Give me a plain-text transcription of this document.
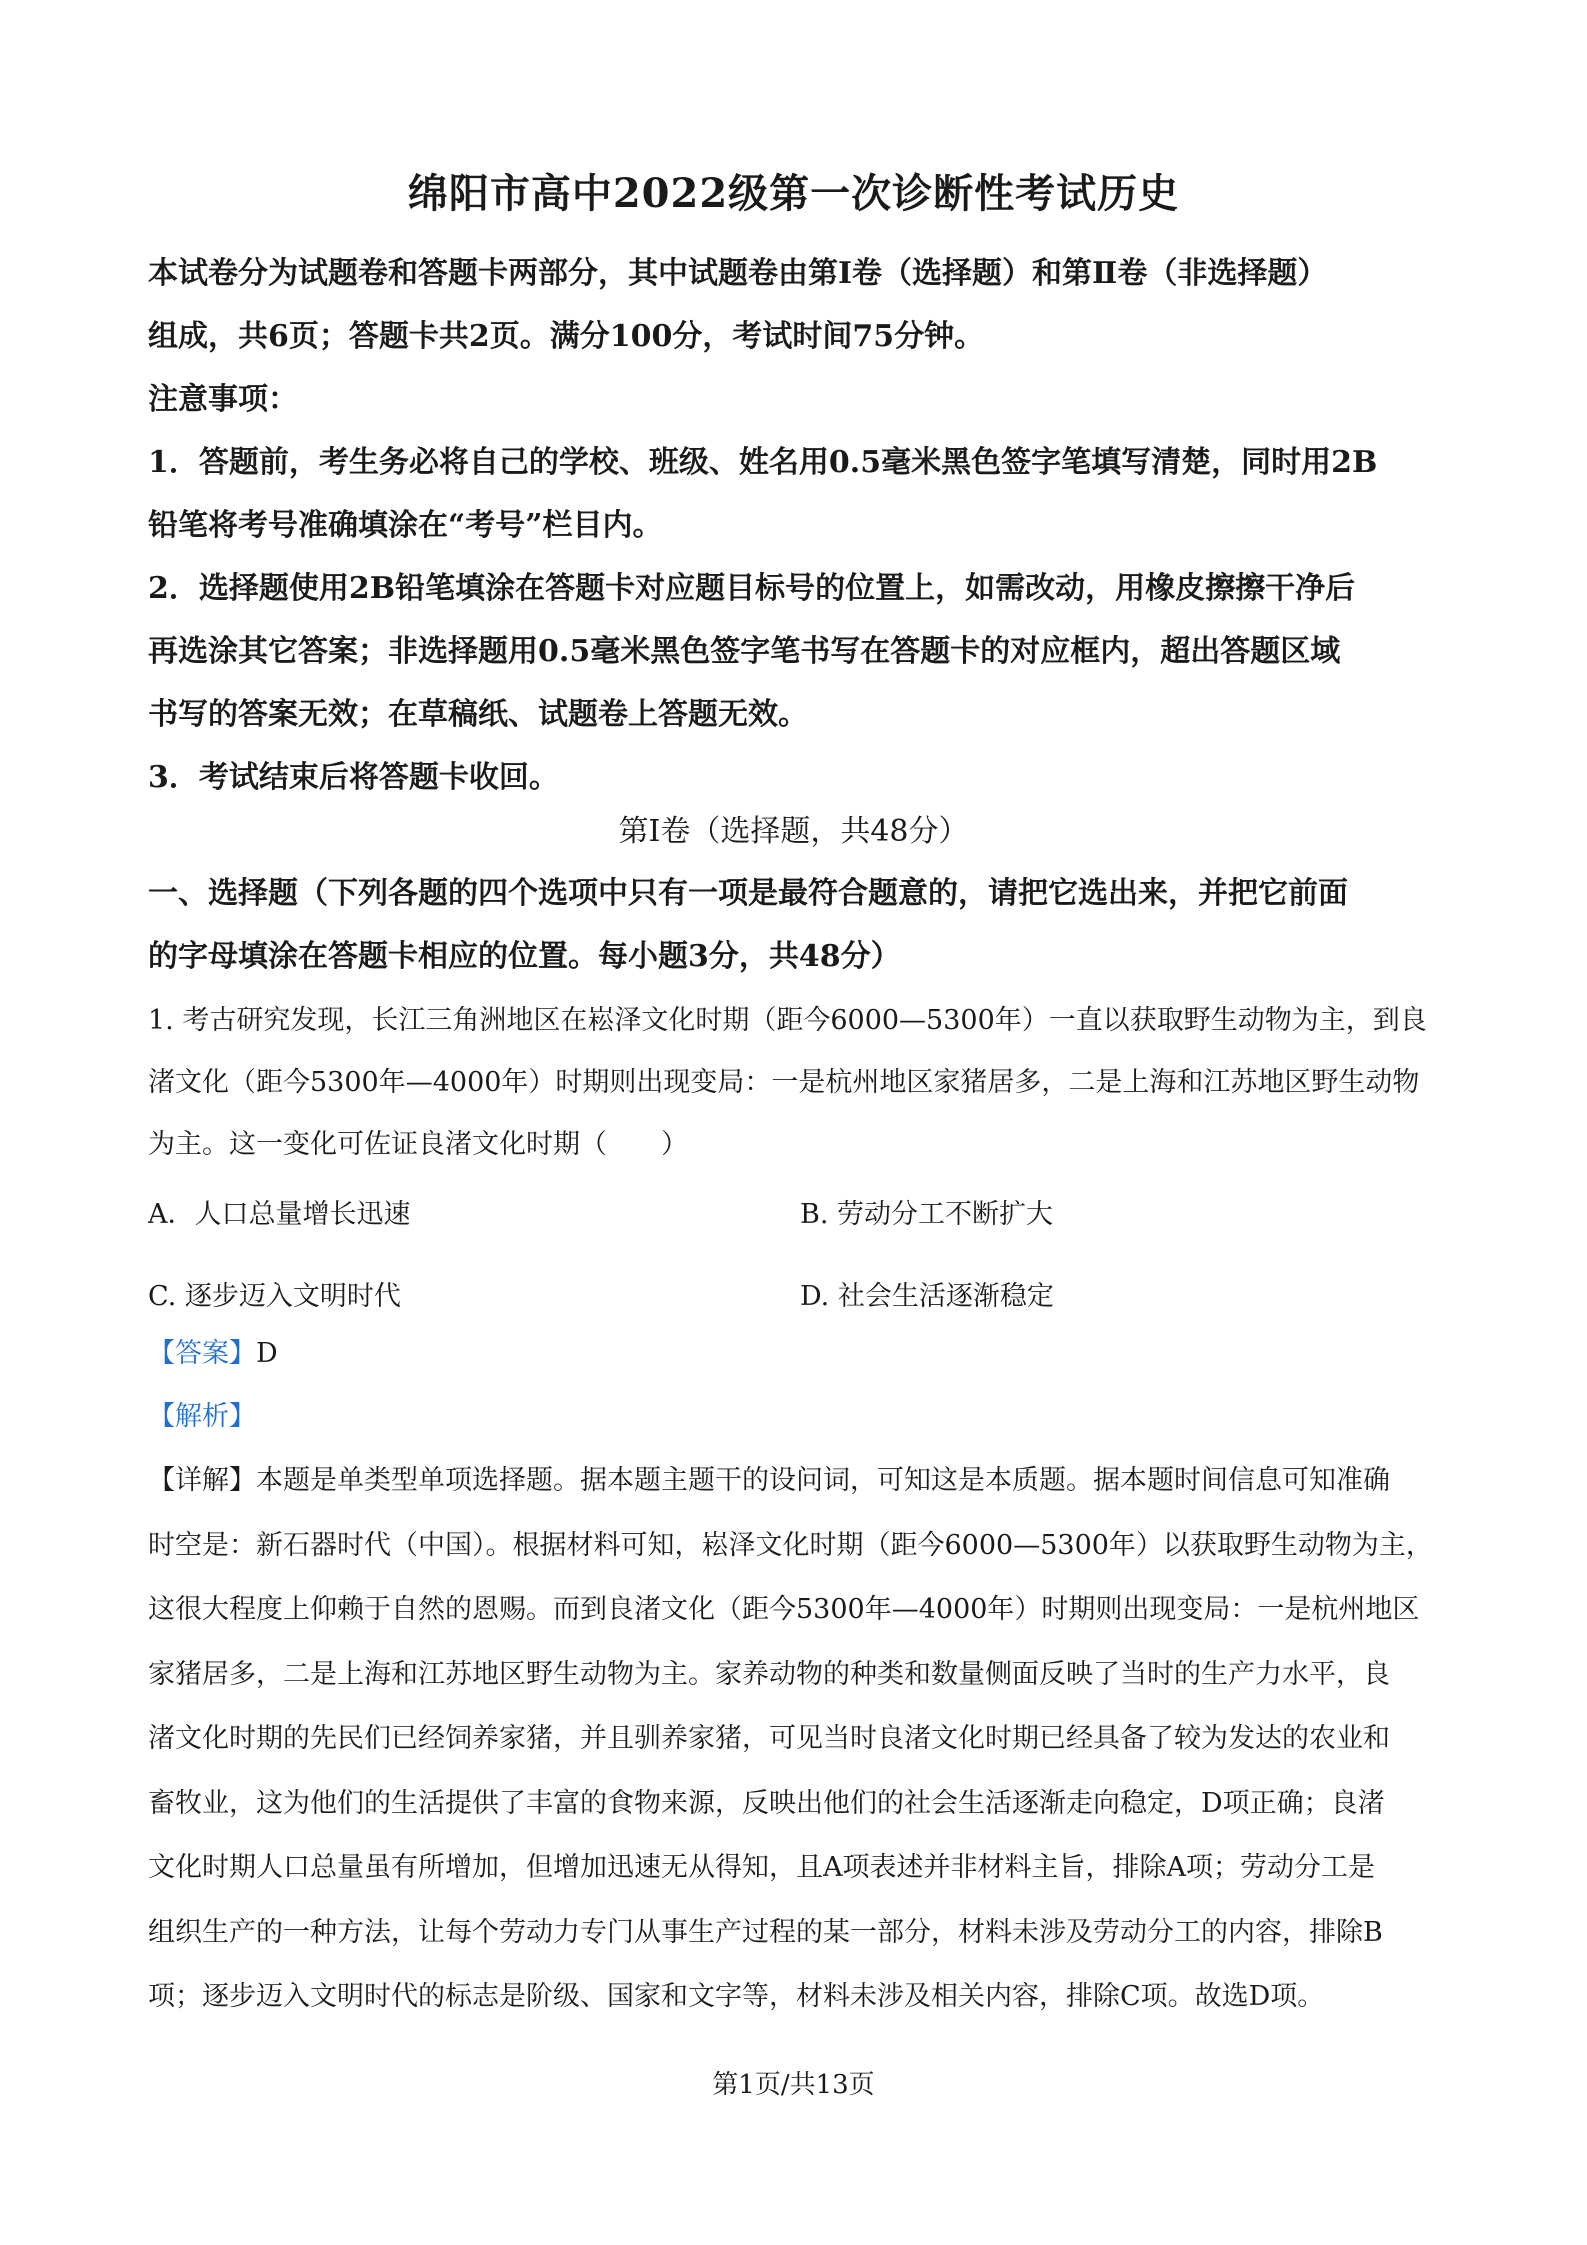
绵阳市高中2022级第一次诊断性考试历史
本试卷分为试题卷和答题卡两部分，其中试题卷由第Ⅰ卷（选择题）和第Ⅱ卷（非选择题）
组成，共6页；答题卡共2页。满分100分，考试时间75分钟。
注意事项：
1．答题前，考生务必将自己的学校、班级、姓名用0.5毫米黑色签字笔填写清楚，同时用2B
铅笔将考号准确填涂在“考号”栏目内。
2．选择题使用2B铅笔填涂在答题卡对应题目标号的位置上，如需改动，用橡皮擦擦干净后
再选涂其它答案；非选择题用0.5毫米黑色签字笔书写在答题卡的对应框内，超出答题区域
书写的答案无效；在草稿纸、试题卷上答题无效。
3．考试结束后将答题卡收回。
第Ⅰ卷（选择题，共48分）
一、选择题（下列各题的四个选项中只有一项是最符合题意的，请把它选出来，并把它前面
的字母填涂在答题卡相应的位置。每小题3分，共48分）
1. 考古研究发现，长江三角洲地区在崧泽文化时期（距今6000—5300年）一直以获取野生动物为主，到良
渚文化（距今5300年—4000年）时期则出现变局：一是杭州地区家猪居多，二是上海和江苏地区野生动物
为主。这一变化可佐证良渚文化时期（　　）
A．人口总量增长迅速	B. 劳动分工不断扩大
C. 逐步迈入文明时代	D. 社会生活逐渐稳定
【答案】D
【解析】
【详解】本题是单类型单项选择题。据本题主题干的设问词，可知这是本质题。据本题时间信息可知准确
时空是：新石器时代（中国）。根据材料可知，崧泽文化时期（距今6000—5300年）以获取野生动物为主，
这很大程度上仰赖于自然的恩赐。而到良渚文化（距今5300年—4000年）时期则出现变局：一是杭州地区
家猪居多，二是上海和江苏地区野生动物为主。家养动物的种类和数量侧面反映了当时的生产力水平，良
渚文化时期的先民们已经饲养家猪，并且驯养家猪，可见当时良渚文化时期已经具备了较为发达的农业和
畜牧业，这为他们的生活提供了丰富的食物来源，反映出他们的社会生活逐渐走向稳定，D项正确；良渚
文化时期人口总量虽有所增加，但增加迅速无从得知，且A项表述并非材料主旨，排除A项；劳动分工是
组织生产的一种方法，让每个劳动力专门从事生产过程的某一部分，材料未涉及劳动分工的内容，排除B
项；逐步迈入文明时代的标志是阶级、国家和文字等，材料未涉及相关内容，排除C项。故选D项。
第1页/共13页
